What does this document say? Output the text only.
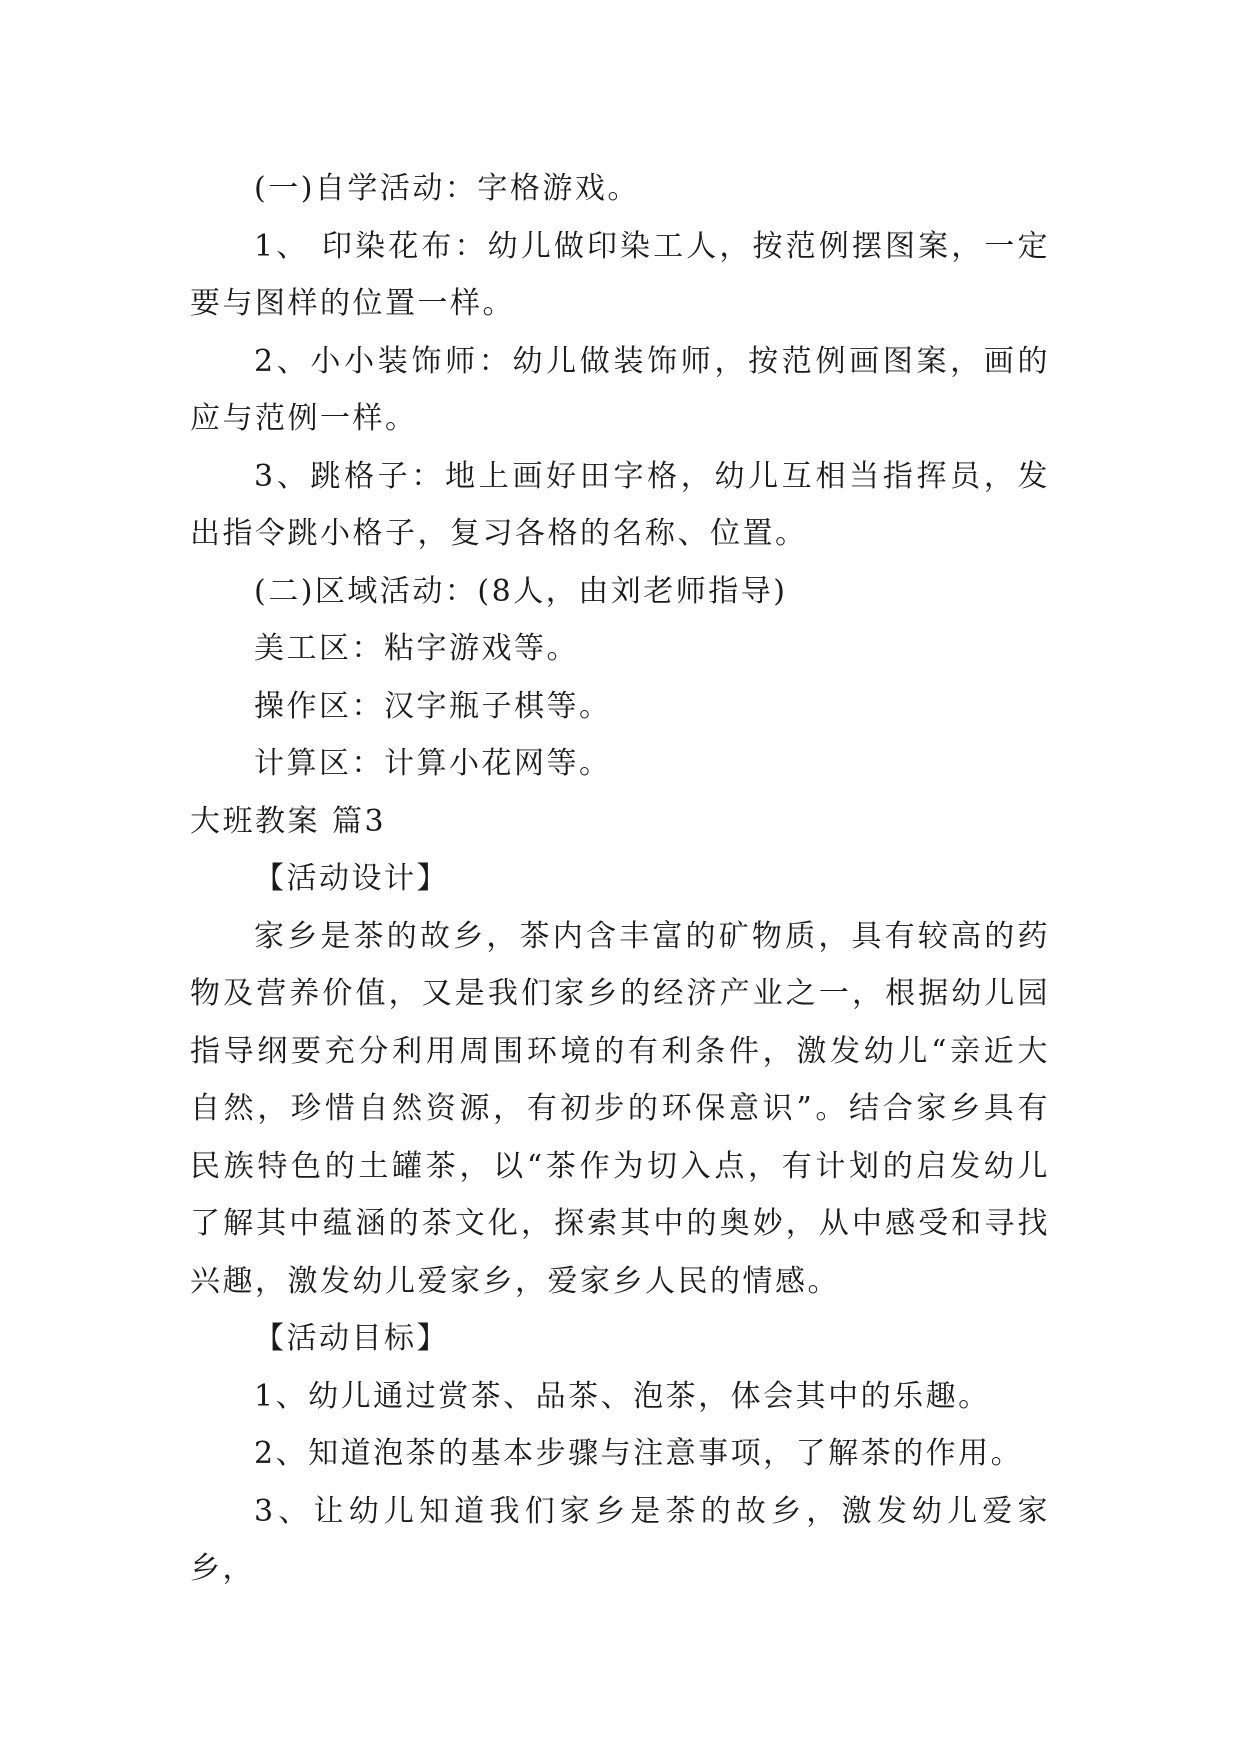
(一)自学活动：字格游戏。

1、 印染花布：幼儿做印染工人，按范例摆图案，一定要与图样的位置一样。

2、小小装饰师：幼儿做装饰师，按范例画图案，画的应与范例一样。

3、跳格子：地上画好田字格，幼儿互相当指挥员，发出指令跳小格子，复习各格的名称、位置。

(二)区域活动：(8人，由刘老师指导)

美工区：粘字游戏等。

操作区：汉字瓶子棋等。

计算区：计算小花网等。

大班教案 篇3

【活动设计】

家乡是茶的故乡，茶内含丰富的矿物质，具有较高的药物及营养价值，又是我们家乡的经济产业之一，根据幼儿园指导纲要充分利用周围环境的有利条件，激发幼儿“亲近大自然，珍惜自然资源，有初步的环保意识”。结合家乡具有民族特色的土罐茶，以“茶作为切入点，有计划的启发幼儿了解其中蕴涵的茶文化，探索其中的奥妙，从中感受和寻找兴趣，激发幼儿爱家乡，爱家乡人民的情感。

【活动目标】

1、幼儿通过赏茶、品茶、泡茶，体会其中的乐趣。

2、知道泡茶的基本步骤与注意事项，了解茶的作用。

3、让幼儿知道我们家乡是茶的故乡，激发幼儿爱家乡，
